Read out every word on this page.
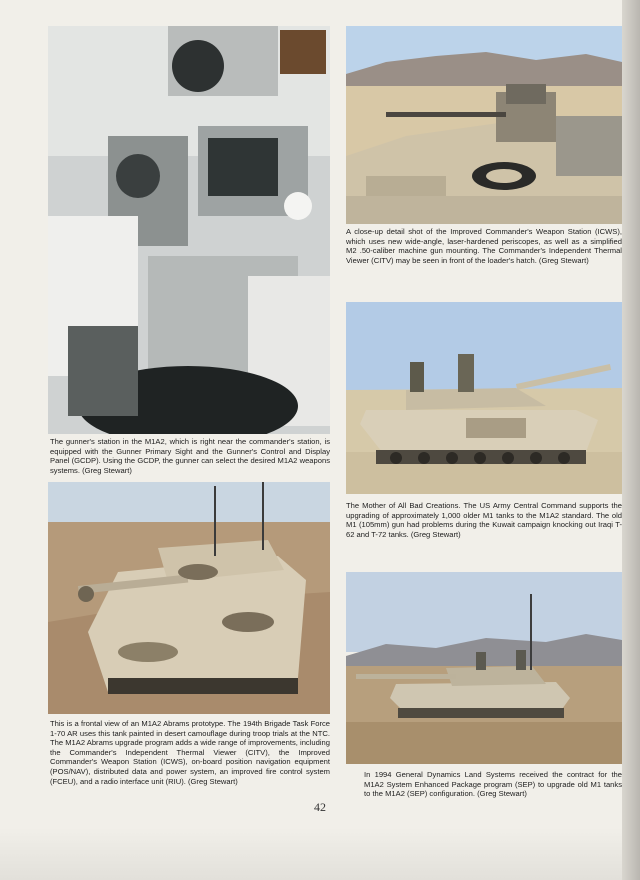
The gunner's station in the M1A2, which is right near the commander's station, is equipped with the Gunner Primary Sight and the Gunner's Control and Display Panel (GCDP). Using the GCDP, the gunner can select the desired M1A2 weapons systems. (Greg Stewart)

A close-up detail shot of the Improved Commander's Weapon Station (ICWS), which uses new wide-angle, laser-hardened periscopes, as well as a simplified M2 .50-caliber machine gun mounting. The Commander's Independent Thermal Viewer (CITV) may be seen in front of the loader's hatch. (Greg Stewart)

The Mother of All Bad Creations. The US Army Central Command supports the upgrading of approximately 1,000 older M1 tanks to the M1A2 standard. The old M1 (105mm) gun had problems during the Kuwait campaign knocking out Iraqi T-62 and T-72 tanks. (Greg Stewart)

This is a frontal view of an M1A2 Abrams prototype. The 194th Brigade Task Force 1-70 AR uses this tank painted in desert camouflage during troop trials at the NTC. The M1A2 Abrams upgrade program adds a wide range of improvements, including the Commander's Independent Thermal Viewer (CITV), the Improved Commander's Weapon Station (ICWS), on-board position navigation equipment (POS/NAV), distributed data and power system, an improved fire control system (FCEU), and a radio interface unit (RIU). (Greg Stewart)

In 1994 General Dynamics Land Systems received the contract for the M1A2 System Enhanced Package program (SEP) to upgrade old M1 tanks to the M1A2 (SEP) configuration. (Greg Stewart)

42
